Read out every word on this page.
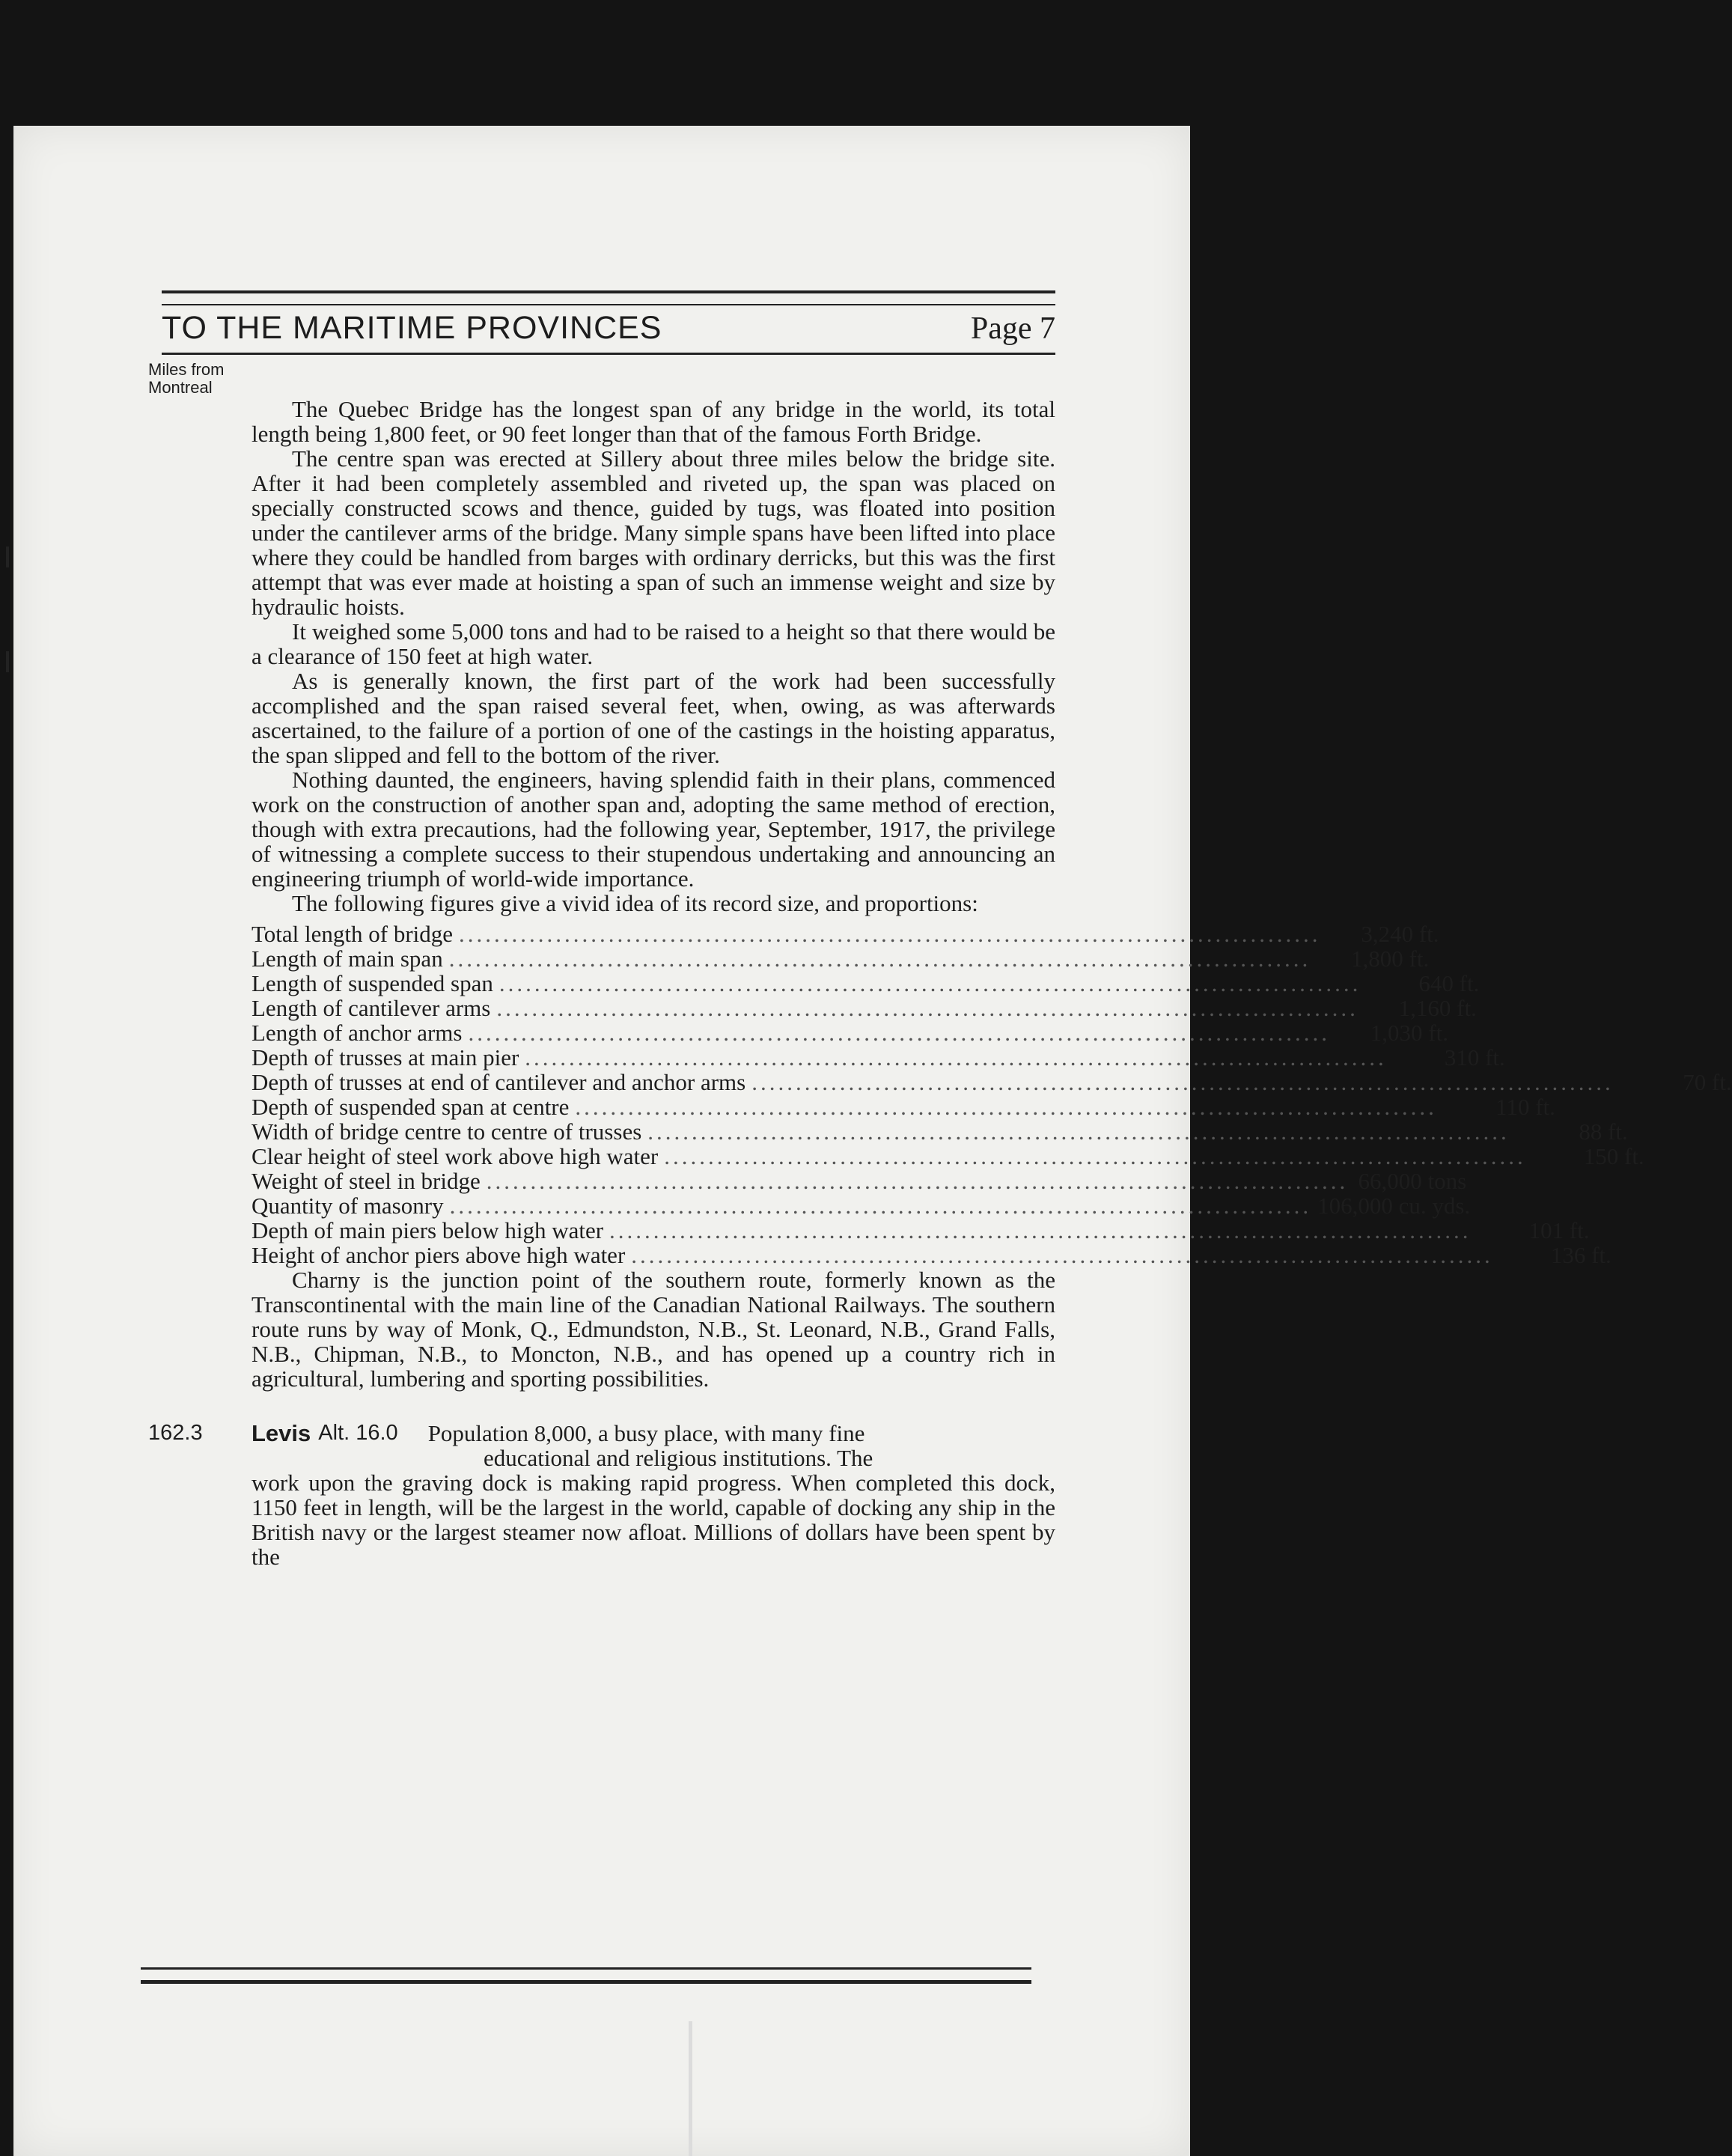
TO THE MARITIME PROVINCES	Page 7
Miles from
Montreal

The Quebec Bridge has the longest span of any bridge in the world, its total length being 1,800 feet, or 90 feet longer than that of the famous Forth Bridge.

The centre span was erected at Sillery about three miles below the bridge site. After it had been completely assembled and riveted up, the span was placed on specially constructed scows and thence, guided by tugs, was floated into position under the cantilever arms of the bridge. Many simple spans have been lifted into place where they could be handled from barges with ordinary derricks, but this was the first attempt that was ever made at hoisting a span of such an immense weight and size by hydraulic hoists.

It weighed some 5,000 tons and had to be raised to a height so that there would be a clearance of 150 feet at high water.

As is generally known, the first part of the work had been successfully accomplished and the span raised several feet, when, owing, as was afterwards ascertained, to the failure of a portion of one of the castings in the hoisting apparatus, the span slipped and fell to the bottom of the river.

Nothing daunted, the engineers, having splendid faith in their plans, commenced work on the construction of another span and, adopting the same method of erection, though with extra precautions, had the following year, September, 1917, the privilege of witnessing a complete success to their stupendous undertaking and announcing an engineering triumph of world-wide importance.

The following figures give a vivid idea of its record size, and proportions:

Total length of bridge ..................................................................................................	3,240 ft.
Length of main span ..................................................................................................	1,800 ft.
Length of suspended span ..................................................................................................	640 ft.
Length of cantilever arms ..................................................................................................	1,160 ft.
Length of anchor arms ..................................................................................................	1,030 ft.
Depth of trusses at main pier ..................................................................................................	310 ft.
Depth of trusses at end of cantilever and anchor arms ..................................................................................................	70 ft.
Depth of suspended span at centre ..................................................................................................	110 ft.
Width of bridge centre to centre of trusses ..................................................................................................	88 ft.
Clear height of steel work above high water ..................................................................................................	150 ft.
Weight of steel in bridge .................................................................................................. 66,000 tons
Quantity of masonry .................................................................................................. 106,000 cu. yds.
Depth of main piers below high water ..................................................................................................	101 ft.
Height of anchor piers above high water ..................................................................................................	136 ft.

Charny is the junction point of the southern route, formerly known as the Transcontinental with the main line of the Canadian National Railways. The southern route runs by way of Monk, Q., Edmundston, N.B., St. Leonard, N.B., Grand Falls, N.B., Chipman, N.B., to Moncton, N.B., and has opened up a country rich in agricultural, lumbering and sporting possibilities.

162.3 Levis Alt. 16.0 Population 8,000, a busy place, with many fine
educational and religious institutions. The
work upon the graving dock is making rapid progress. When completed this dock, 1150 feet in length, will be the largest in the world, capable of docking any ship in the British navy or the largest steamer now afloat. Millions of dollars have been spent by the
